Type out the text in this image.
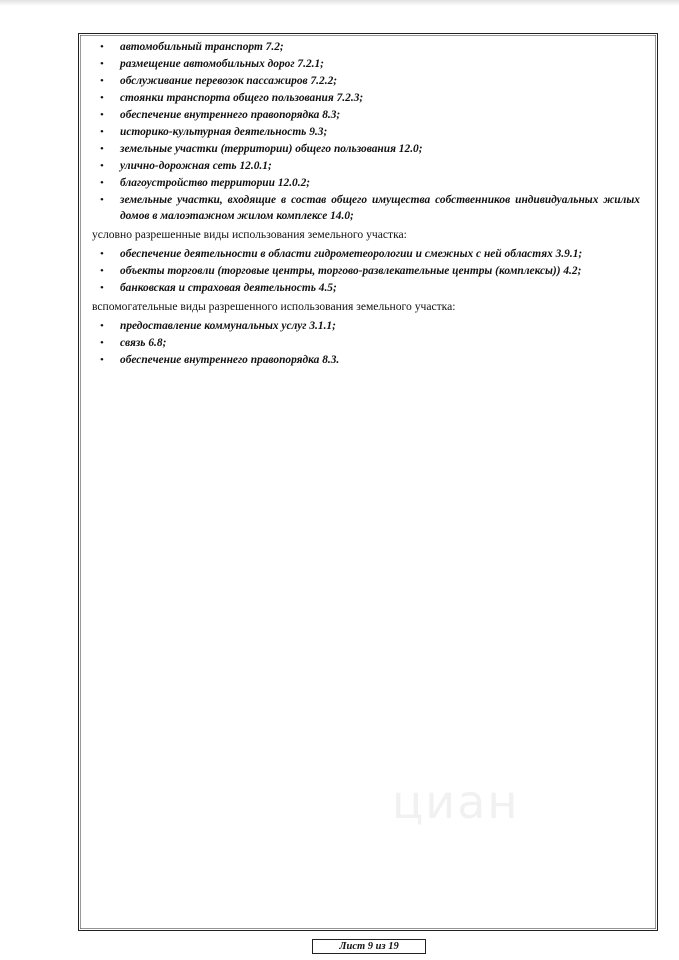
• автомобильный транспорт 7.2;
• размещение автомобильных дорог 7.2.1;
• обслуживание перевозок пассажиров 7.2.2;
• стоянки транспорта общего пользования 7.2.3;
• обеспечение внутреннего правопорядка 8.3;
• историко-культурная деятельность 9.3;
• земельные участки (территории) общего пользования 12.0;
• улично-дорожная сеть 12.0.1;
• благоустройство территории 12.0.2;
• земельные участки, входящие в состав общего имущества собственников индивидуальных жилых домов в малоэтажном жилом комплексе 14.0;
условно разрешенные виды использования земельного участка:
• обеспечение деятельности в области гидрометеорологии и смежных с ней областях 3.9.1;
• объекты торговли (торговые центры, торгово-развлекательные центры (комплексы)) 4.2;
• банковская и страховая деятельность 4.5;
вспомогательные виды разрешенного использования земельного участка:
• предоставление коммунальных услуг 3.1.1;
• связь 6.8;
• обеспечение внутреннего правопорядка 8.3.
циан
Лист 9 из 19
